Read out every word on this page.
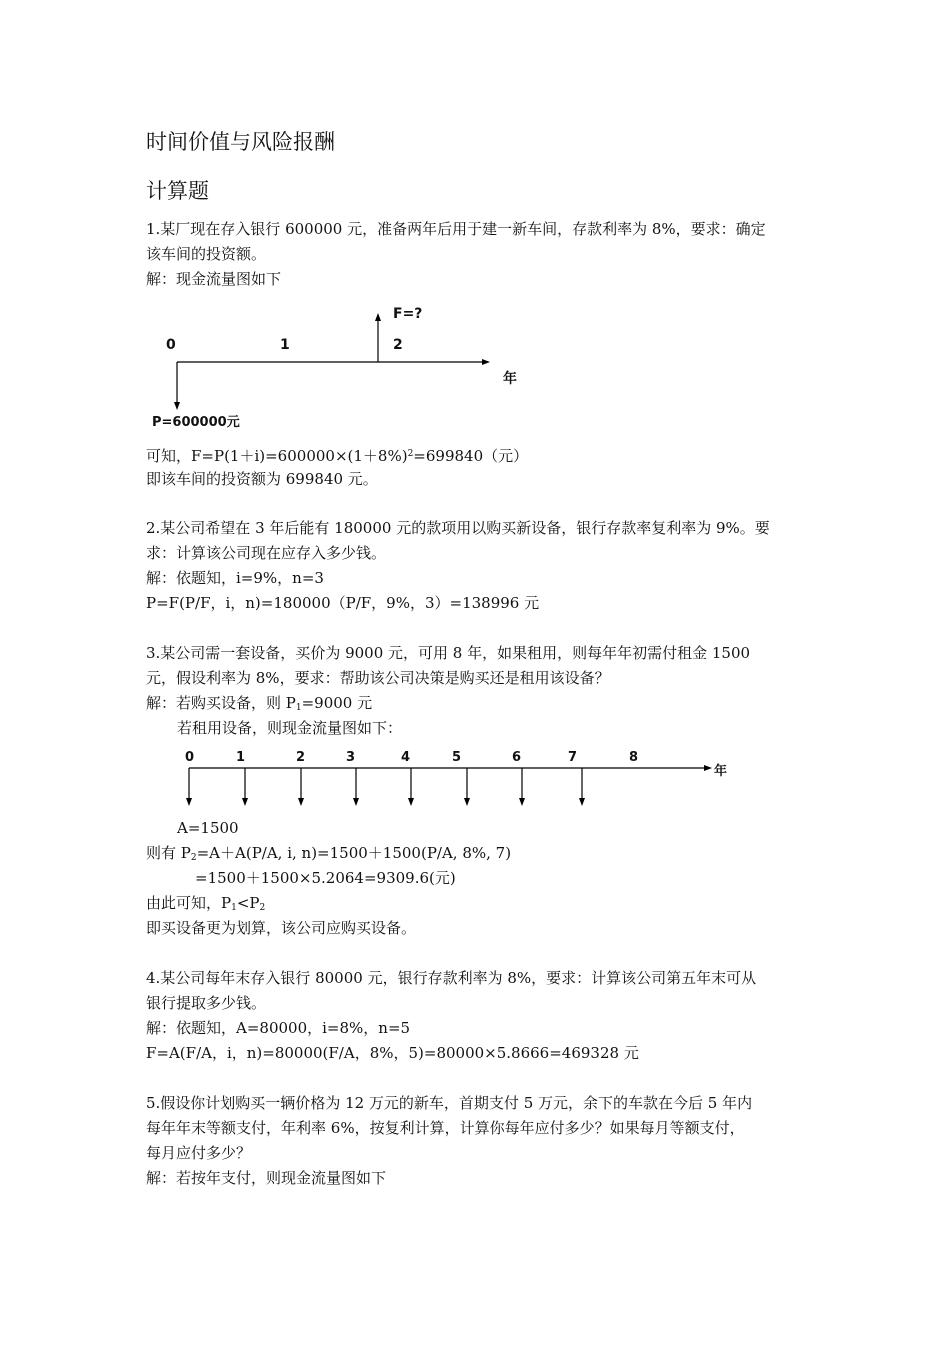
时间价值与风险报酬
计算题
1.某厂现在存入银行 600000 元，准备两年后用于建一新车间，存款利率为 8%，要求：确定
该车间的投资额。
解：现金流量图如下
F=?
0	1	2
年
P=600000元
可知，$F=P(1+i)=600000\times(1+8\%)^2=699840$（元）
即该车间的投资额为 699840 元。
2.某公司希望在 3 年后能有 180000 元的款项用以购买新设备，银行存款率复利率为 9%。要
求：计算该公司现在应存入多少钱。
解：依题知，i=9%，n=3
P=F(P/F，i，n)=180000（P/F，9%，3）=138996 元
3.某公司需一套设备，买价为 9000 元，可用 8 年，如果租用，则每年年初需付租金 1500
元，假设利率为 8%，要求：帮助该公司决策是购买还是租用该设备？
解：若购买设备，则 $P_1=9000$ 元
若租用设备，则现金流量图如下：
0	1	2	3	4	5	6	7	8
年
A=1500
则有 $P_2=A+A(P/A$, i, n)=1500＋1500(P/A, 8%, 7)
=1500＋1500×5.2064=9309.6(元)
由此可知，$P_1<P_2$
即买设备更为划算，该公司应购买设备。
4.某公司每年末存入银行 80000 元，银行存款利率为 8%，要求：计算该公司第五年末可从
银行提取多少钱。
解：依题知，A=80000，i=8%，n=5
F=A(F/A，i，n)=80000(F/A，8%，5)=80000×5.8666=469328 元
5.假设你计划购买一辆价格为 12 万元的新车，首期支付 5 万元，余下的车款在今后 5 年内
每年年末等额支付，年利率 6%，按复利计算，计算你每年应付多少？如果每月等额支付，
每月应付多少？
解：若按年支付，则现金流量图如下
